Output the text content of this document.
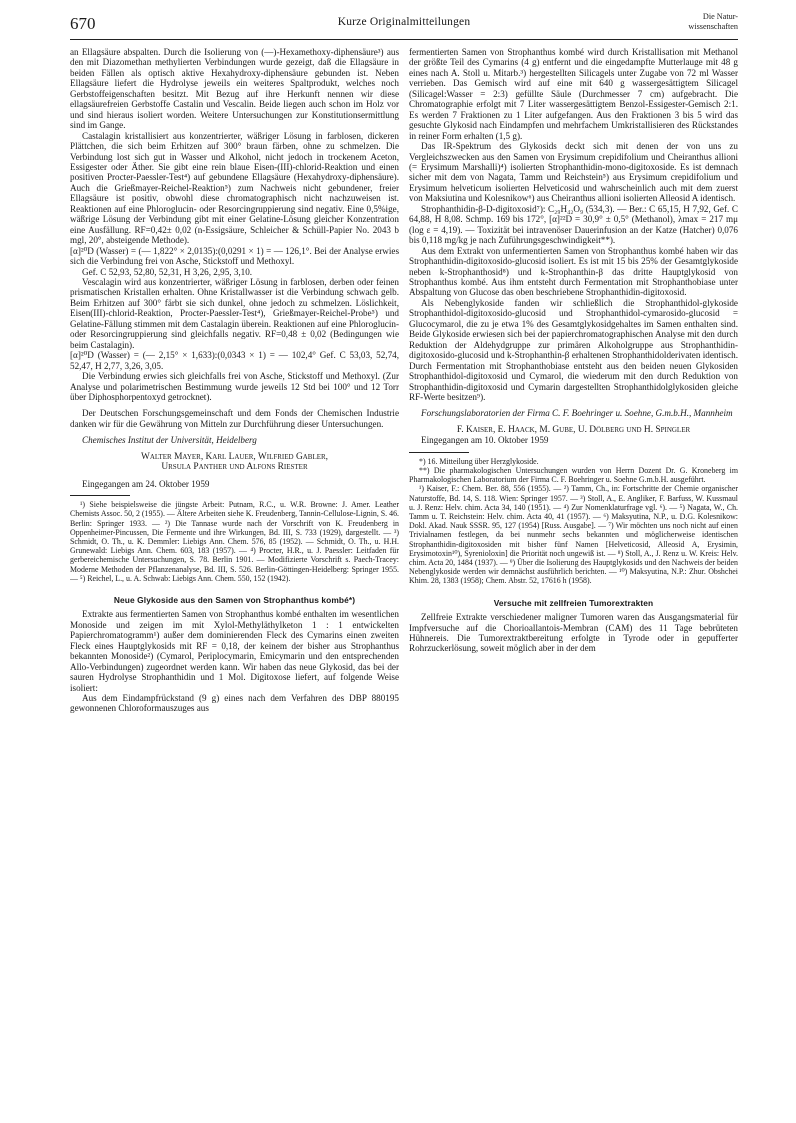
670	Kurze Originalmitteilungen	Die Natur-
wissenschaften

an Ellagsäure abspalten. Durch die Isolierung von (—)-Hexamethoxy-diphensäure³) aus den mit Diazomethan methylierten Verbindungen wurde gezeigt, daß die Ellagsäure in beiden Fällen als optisch aktive Hexahydroxy-diphensäure gebunden ist. Neben Ellagsäure liefert die Hydrolyse jeweils ein weiteres Spaltprodukt, welches noch Gerbstoffeigenschaften besitzt. Mit Bezug auf ihre Herkunft nennen wir diese ellagsäurefreien Gerbstoffe Castalin und Vescalin. Beide liegen auch schon im Holz vor und sind hieraus isoliert worden. Weitere Untersuchungen zur Konstitutionsermittlung sind im Gange.

Castalagin kristallisiert aus konzentrierter, wäßriger Lösung in farblosen, dickeren Plättchen, die sich beim Erhitzen auf 300° braun färben, ohne zu schmelzen. Die Verbindung lost sich gut in Wasser und Alkohol, nicht jedoch in trockenem Aceton, Essigester oder Äther. Sie gibt eine rein blaue Eisen-(III)-chlorid-Reaktion und einen positiven Procter-Paessler-Test⁴) auf gebundene Ellagsäure (Hexahydroxy-diphensäure). Auch die Grießmayer-Reichel-Reaktion⁵) zum Nachweis nicht gebundener, freier Ellagsäure ist positiv, obwohl diese chromatographisch nicht nachzuweisen ist. Reaktionen auf eine Phloroglucin- oder Resorcingruppierung sind negativ. Eine 0,5%ige, wäßrige Lösung der Verbindung gibt mit einer Gelatine-Lösung gleicher Konzentration eine Ausfällung. RF=0,42± 0,02 (n-Essigsäure, Schleicher & Schüll-Papier No. 2043 b mgl, 20°, absteigende Methode).

[α]²⁰D (Wasser) = (— 1,822° × 2,0135):(0,0291 × 1) = — 126,1°. Bei der Analyse erwies sich die Verbindung frei von Asche, Stickstoff und Methoxyl.

Gef. C 52,93, 52,80, 52,31, H 3,26, 2,95, 3,10.

Vescalagin wird aus konzentrierter, wäßriger Lösung in farblosen, derben oder feinen prismatischen Kristallen erhalten. Ohne Kristallwasser ist die Verbindung schwach gelb. Beim Erhitzen auf 300° färbt sie sich dunkel, ohne jedoch zu schmelzen. Löslichkeit, Eisen(III)-chlorid-Reaktion, Procter-Paessler-Test⁴), Grießmayer-Reichel-Probe⁵) und Gelatine-Fällung stimmen mit dem Castalagin überein. Reaktionen auf eine Phloroglucin- oder Resorcingruppierung sind gleichfalls negativ. RF=0,48 ± 0,02 (Bedingungen wie beim Castalagin).

[α]²⁰D (Wasser) = (— 2,15° × 1,633):(0,0343 × 1) = — 102,4° Gef. C 53,03, 52,74, 52,47, H 2,77, 3,26, 3,05.

Die Verbindung erwies sich gleichfalls frei von Asche, Stickstoff und Methoxyl. (Zur Analyse und polarimetrischen Bestimmung wurde jeweils 12 Std bei 100° und 12 Torr über Diphosphorpentoxyd getrocknet).

Der Deutschen Forschungsgemeinschaft und dem Fonds der Chemischen Industrie danken wir für die Gewährung von Mitteln zur Durchführung dieser Untersuchungen.

Chemisches Institut der Universität, Heidelberg

Walter Mayer, Karl Lauer, Wilfried Gabler,

Ursula Panther und Alfons Riester

Eingegangen am 24. Oktober 1959

¹) Siehe beispielsweise die jüngste Arbeit: Putnam, R.C., u. W.R. Browne: J. Amer. Leather Chemists Assoc. 50, 2 (1955). — Ältere Arbeiten siehe K. Freudenberg, Tannin-Cellulose-Lignin, S. 46. Berlin: Springer 1933. — ²) Die Tannase wurde nach der Vorschrift von K. Freudenberg in Oppenheimer-Pincussen, Die Fermente und ihre Wirkungen, Bd. III, S. 733 (1929), dargestellt. — ³) Schmidt, O. Th., u. K. Demmler: Liebigs Ann. Chem. 576, 85 (1952). — Schmidt, O. Th., u. H.H. Grunewald: Liebigs Ann. Chem. 603, 183 (1957). — ⁴) Procter, H.R., u. J. Paessler: Leitfaden für gerbereichemische Untersuchungen, S. 78. Berlin 1901. — Modifizierte Vorschrift s. Paech-Tracey: Moderne Methoden der Pflanzenanalyse, Bd. III, S. 526. Berlin-Göttingen-Heidelberg: Springer 1955. — ⁵) Reichel, L., u. A. Schwab: Liebigs Ann. Chem. 550, 152 (1942).

Neue Glykoside aus den Samen von Strophanthus kombé*)

Extrakte aus fermentierten Samen von Strophanthus kombé enthalten im wesentlichen Monoside und zeigen im mit Xylol-Methyläthylketon 1 : 1 entwickelten Papierchromatogramm¹) außer dem dominierenden Fleck des Cymarins einen zweiten Fleck eines Hauptglykosids mit RF = 0,18, der keinem der bisher aus Strophanthus bekannten Monoside²) (Cymarol, Periplocymarin, Emicymarin und den entsprechenden Allo-Verbindungen) zugeordnet werden kann. Wir haben das neue Glykosid, das bei der sauren Hydrolyse Strophanthidin und 1 Mol. Digitoxose liefert, auf folgende Weise isoliert:

Aus dem Eindampfrückstand (9 g) eines nach dem Verfahren des DBP 880195 gewonnenen Chloroformauszuges aus

fermentierten Samen von Strophanthus kombé wird durch Kristallisation mit Methanol der größte Teil des Cymarins (4 g) entfernt und die eingedampfte Mutterlauge mit 48 g eines nach A. Stoll u. Mitarb.³) hergestellten Silicagels unter Zugabe von 72 ml Wasser verrieben. Das Gemisch wird auf eine mit 640 g wassergesättigtem Silicagel (Silicagel:Wasser = 2:3) gefüllte Säule (Durchmesser 7 cm) aufgebracht. Die Chromatographie erfolgt mit 7 Liter wassergesättigtem Benzol-Essigester-Gemisch 2:1. Es werden 7 Fraktionen zu 1 Liter aufgefangen. Aus den Fraktionen 3 bis 5 wird das gesuchte Glykosid nach Eindampfen und mehrfachem Umkristallisieren des Rückstandes in reiner Form erhalten (1,5 g).

Das IR-Spektrum des Glykosids deckt sich mit denen der von uns zu Vergleichszwecken aus den Samen von Erysimum crepidifolium und Cheiranthus allioni (= Erysimum Marshalli)⁴) isolierten Strophanthidin-mono-digitoxoside. Es ist demnach sicher mit dem von Nagata, Tamm und Reichstein⁵) aus Erysimum crepidifolium und Erysimum helveticum isolierten Helveticosid und wahrscheinlich auch mit dem zuerst von Maksiutina und Kolesnikow⁶) aus Cheiranthus allioni isolierten Alleosid A identisch.

Strophanthidin-β-D-digitoxosid⁷): C₂₉H₄₂O₉ (534,3). — Ber.: C 65,15, H 7,92, Gef. C 64,88, H 8,08. Schmp. 169 bis 172°, [α]²²D = 30,9° ± 0,5° (Methanol), λmax = 217 mμ (log ε = 4,19). — Toxizität bei intravenöser Dauerinfusion an der Katze (Hatcher) 0,076 bis 0,118 mg/kg je nach Zuführungsgeschwindigkeit**).

Aus dem Extrakt von unfermentierten Samen von Strophanthus kombé haben wir das Strophanthidin-digitoxosido-glucosid isoliert. Es ist mit 15 bis 25% der Gesamtglykoside neben k-Strophanthosid⁸) und k-Strophanthin-β das dritte Hauptglykosid von Strophanthus kombé. Aus ihm entsteht durch Fermentation mit Strophanthobiase unter Abspaltung von Glucose das oben beschriebene Strophanthidin-digitoxosid.

Als Nebenglykoside fanden wir schließlich die Strophanthidol-glykoside Strophanthidol-digitoxosido-glucosid und Strophanthidol-cymarosido-glucosid = Glucocymarol, die zu je etwa 1% des Gesamtglykosidgehaltes im Samen enthalten sind. Beide Glykoside erwiesen sich bei der papierchromatographischen Analyse mit den durch Reduktion der Aldehydgruppe zur primären Alkoholgruppe aus Strophanthidin-digitoxosido-glucosid und k-Strophanthin-β erhaltenen Strophanthidolderivaten identisch. Durch Fermentation mit Strophanthobiase entsteht aus den beiden neuen Glykosiden Strophanthidol-digitoxosid und Cymarol, die wiederum mit den durch Reduktion von Strophanthidin-digitoxosid und Cymarin dargestellten Strophanthidolglykosiden gleiche RF-Werte besitzen⁹).

Forschungslaboratorien der Firma C. F. Boehringer u. Soehne, G.m.b.H., Mannheim

F. Kaiser, E. Haack, M. Gube, U. Dölberg und H. Spingler

Eingegangen am 10. Oktober 1959

*) 16. Mitteilung über Herzglykoside.

**) Die pharmakologischen Untersuchungen wurden von Herrn Dozent Dr. G. Kroneberg im Pharmakologischen Laboratorium der Firma C. F. Boehringer u. Soehne G.m.b.H. ausgeführt.

¹) Kaiser, F.: Chem. Ber. 88, 556 (1955). — ²) Tamm, Ch., in: Fortschritte der Chemie organischer Naturstoffe, Bd. 14, S. 118. Wien: Springer 1957. — ³) Stoll, A., E. Angliker, F. Barfuss, W. Kussmaul u. J. Renz: Helv. chim. Acta 34, 140 (1951). — ⁴) Zur Nomenklaturfrage vgl. ⁶). — ⁵) Nagata, W., Ch. Tamm u. T. Reichstein: Helv. chim. Acta 40, 41 (1957). — ⁶) Maksyutina, N.P., u. D.G. Kolesnikow: Dokl. Akad. Nauk SSSR. 95, 127 (1954) [Russ. Ausgabe]. — ⁷) Wir möchten uns noch nicht auf einen Trivialnamen festlegen, da bei nunmehr sechs bekannten und möglicherweise identischen Strophanthidin-digitoxosiden mit bisher fünf Namen [Helveticosid, Alleosid A, Erysimin, Erysimotoxin¹⁰), Syrenioloxin] die Priorität noch ungewiß ist. — ⁸) Stoll, A., J. Renz u. W. Kreis: Helv. chim. Acta 20, 1484 (1937). — ⁹) Über die Isolierung des Hauptglykosids und den Nachweis der beiden Nebenglykoside werden wir demnächst ausführlich berichten. — ¹⁰) Maksyutina, N.P.: Zhur. Obshchei Khim. 28, 1383 (1958); Chem. Abstr. 52, 17616 h (1958).

Versuche mit zellfreien Tumorextrakten

Zellfreie Extrakte verschiedener maligner Tumoren waren das Ausgangsmaterial für Impfversuche auf die Chorioallantois-Membran (CAM) des 11 Tage bebrüteten Hühnereis. Die Tumorextraktbereitung erfolgte in Tyrode oder in gepufferter Rohrzuckerlösung, soweit möglich aber in der dem
